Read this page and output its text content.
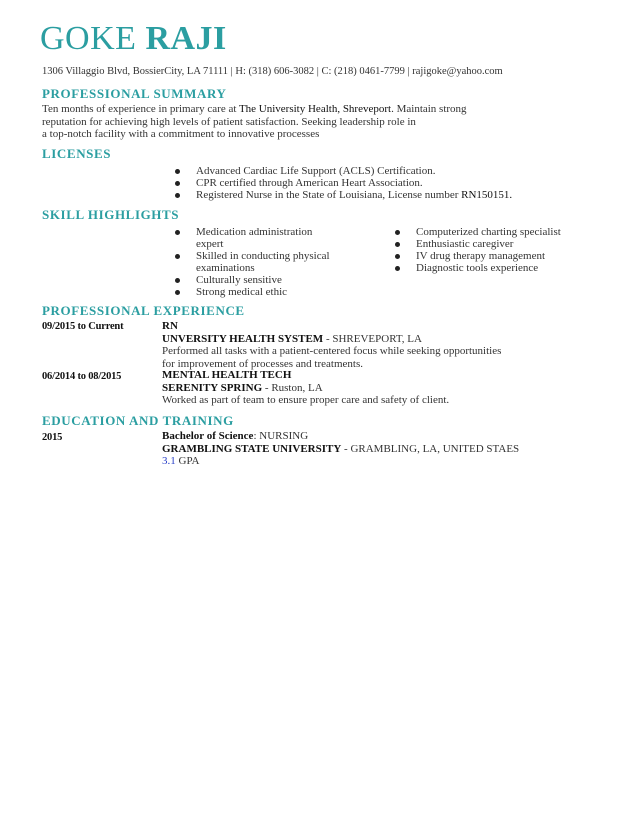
GOKE RAJI
1306 Villaggio Blvd, BossierCity, LA 71111 | H: (318) 606-3082 | C: (218) 0461-7799 | rajigoke@yahoo.com
PROFESSIONAL SUMMARY
Ten months of experience in primary care at The University Health, Shreveport. Maintain strong
reputation for achieving high levels of patient satisfaction. Seeking leadership role in
a top-notch facility with a commitment to innovative processes
LICENSES
Advanced Cardiac Life Support (ACLS) Certification.
CPR certified through American Heart Association.
Registered Nurse in the State of Louisiana, License number RN150151.
SKILL HIGHLIGHTS
Medication administration
expert
Skilled in conducting physical
examinations
Culturally sensitive
Strong medical ethic
Computerized charting specialist
Enthusiastic caregiver
IV drug therapy management
Diagnostic tools experience
PROFESSIONAL EXPERIENCE
09/2015 to Current	RN
UNVERSITY HEALTH SYSTEM - SHREVEPORT, LA
Performed all tasks with a patient-centered focus while seeking opportunities
for improvement of processes and treatments.
06/2014 to 08/2015	MENTAL HEALTH TECH
SERENITY SPRING - Ruston, LA
Worked as part of team to ensure proper care and safety of client.
EDUCATION AND TRAINING
2015	Bachelor of Science: NURSING
GRAMBLING STATE UNIVERSITY - GRAMBLING, LA, UNITED STAES
3.1 GPA
